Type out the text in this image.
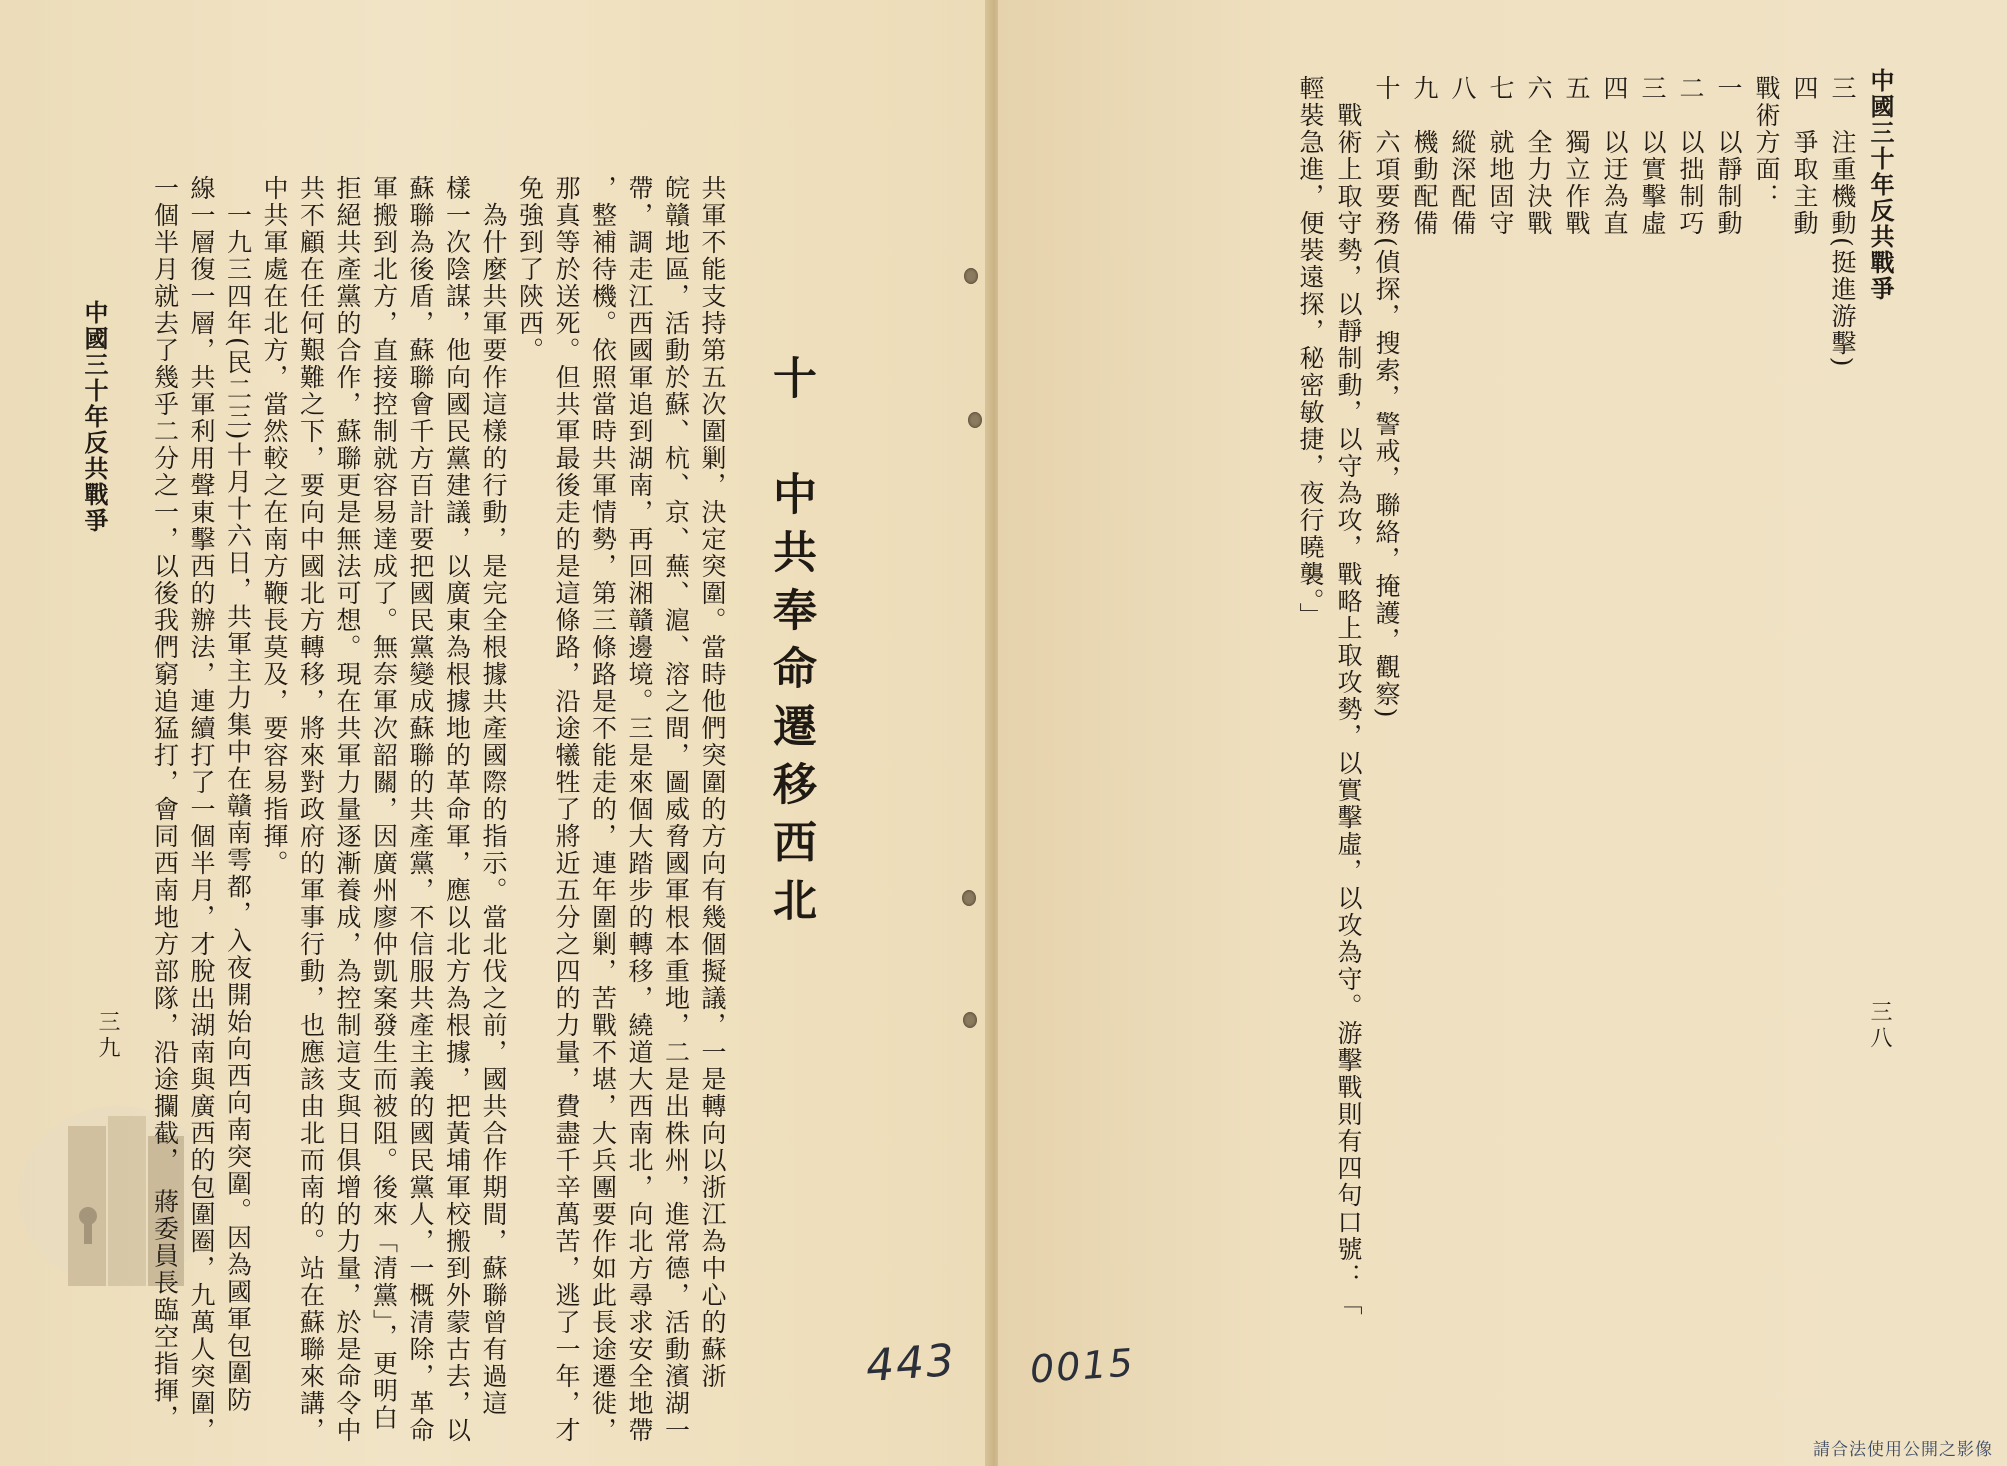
中國三十年反共戰爭
三九	共軍不能支持第五次圍剿，決定突圍。當時他們突圍的方向有幾個擬議，一是轉向以浙江為中心的蘇浙
皖贛地區，活動於蘇、杭、京、蕪、滬、溶之間，圖威脅國軍根本重地，二是出株州，進常德，活動濱湖一
帶，調走江西國軍追到湖南，再回湘贛邊境。三是來個大踏步的轉移，繞道大西南北，向北方尋求安全地帶
，整補待機。依照當時共軍情勢，第三條路是不能走的，連年圍剿，苦戰不堪，大兵團要作如此長途遷徙，
那真等於送死。但共軍最後走的是這條路，沿途犧牲了將近五分之四的力量，費盡千辛萬苦，逃了一年，才
免強到了陝西。
　為什麼共軍要作這樣的行動，是完全根據共產國際的指示。當北伐之前，國共合作期間，蘇聯曾有過這
樣一次陰謀，他向國民黨建議，以廣東為根據地的革命軍，應以北方為根據，把黃埔軍校搬到外蒙古去，以
蘇聯為後盾，蘇聯會千方百計要把國民黨變成蘇聯的共產黨，不信服共產主義的國民黨人，一概清除，革命
軍搬到北方，直接控制就容易達成了。無奈軍次韶關，因廣州廖仲凱案發生而被阻。後來「清黨」，更明白
拒絕共產黨的合作，蘇聯更是無法可想。現在共軍力量逐漸養成，為控制這支與日俱增的力量，於是命令中
共不顧在任何艱難之下，要向中國北方轉移，將來對政府的軍事行動，也應該由北而南的。站在蘇聯來講，
中共軍處在北方，當然較之在南方鞭長莫及，要容易指揮。
　一九三四年(民二三)十月十六日，共軍主力集中在贛南雩都，入夜開始向西向南突圍。因為國軍包圍防
線一層復一層，共軍利用聲東擊西的辦法，連續打了一個半月，才脫出湖南與廣西的包圍圈，九萬人突圍，
一個半月就去了幾乎二分之一，以後我們窮追猛打，會同西南地方部隊，沿途攔截，　蔣委員長臨空指揮，	十　中共奉命遷移西北
中國三十年反共戰爭
三八
三　注重機動(挺進游擊)
四　爭取主動
戰術方面：
一　以靜制動
二　以拙制巧
三　以實擊虛
四　以迂為直
五　獨立作戰
六　全力決戰
七　就地固守
八　縱深配備
九　機動配備
十　六項要務(偵探，搜索，警戒，聯絡，掩護，觀察)
　戰術上取守勢，以靜制動，以守為攻，戰略上取攻勢，以實擊虛，以攻為守。游擊戰則有四句口號：「
輕裝急進，便裝遠探，秘密敏捷，夜行曉襲。」
443 0015
請合法使用公開之影像
